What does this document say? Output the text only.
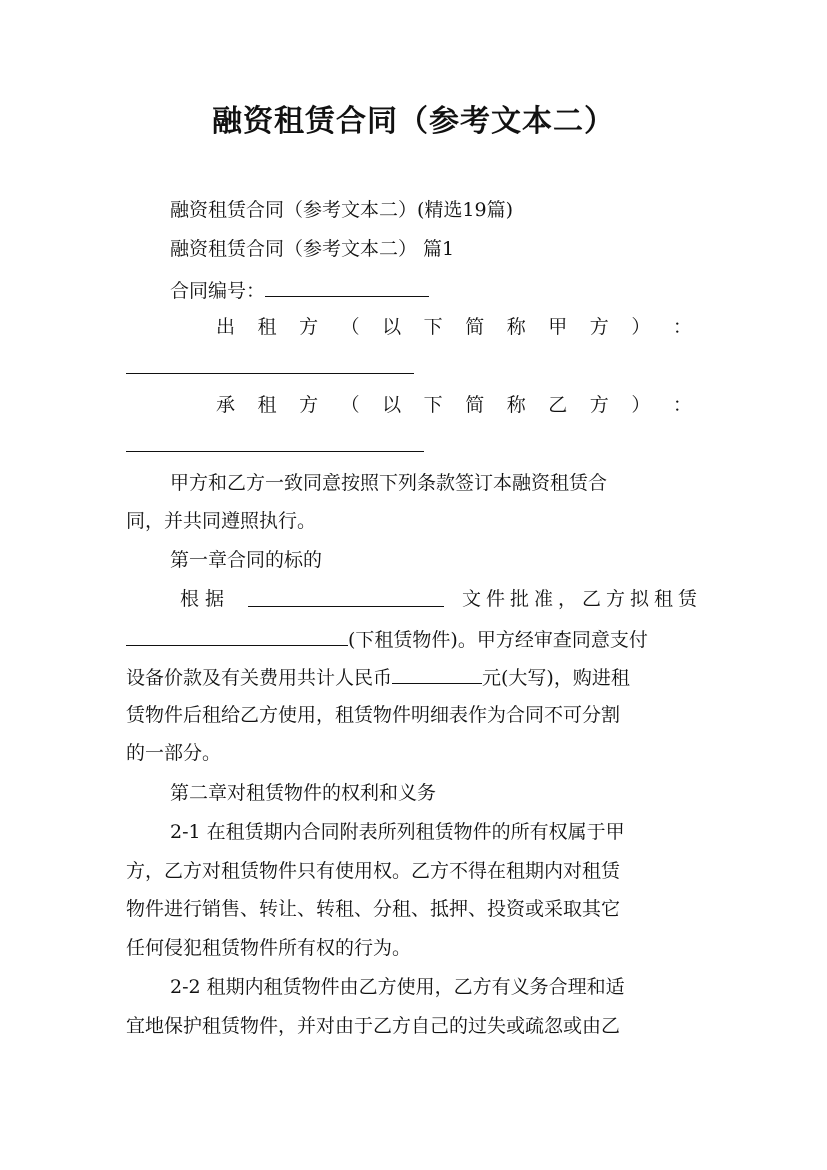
融资租赁合同（参考文本二）
融资租赁合同（参考文本二）(精选19篇)
融资租赁合同（参考文本二） 篇1
合同编号：
出 租 方 （ 以 下 简 称 甲 方 ） ：
承 租 方 （ 以 下 简 称 乙 方 ） ：
甲方和乙方一致同意按照下列条款签订本融资租赁合
同，并共同遵照执行。
第一章合同的标的
根据	文件批准，乙方拟租赁
(下租赁物件)。甲方经审查同意支付
设备价款及有关费用共计人民币	元(大写)，购进租
赁物件后租给乙方使用，租赁物件明细表作为合同不可分割
的一部分。
第二章对租赁物件的权利和义务
2-1 在租赁期内合同附表所列租赁物件的所有权属于甲
方，乙方对租赁物件只有使用权。乙方不得在租期内对租赁
物件进行销售、转让、转租、分租、抵押、投资或采取其它
任何侵犯租赁物件所有权的行为。
2-2 租期内租赁物件由乙方使用，乙方有义务合理和适
宜地保护租赁物件，并对由于乙方自己的过失或疏忽或由乙
